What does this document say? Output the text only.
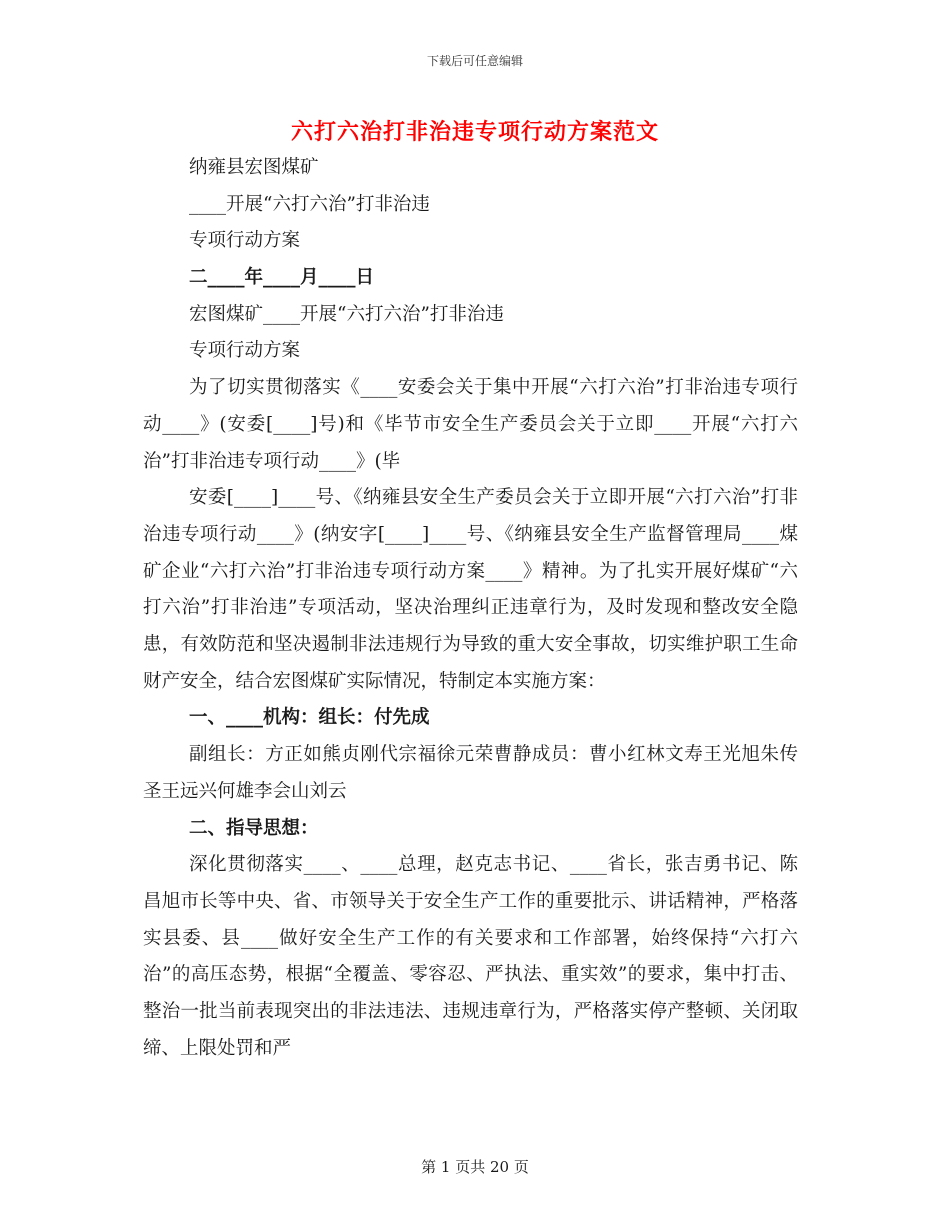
下载后可任意编辑
六打六治打非治违专项行动方案范文
纳雍县宏图煤矿
____开展“六打六治”打非治违
专项行动方案
二____年____月____日
宏图煤矿____开展“六打六治”打非治违
专项行动方案
为了切实贯彻落实《____安委会关于集中开展“六打六治”打非治违专项行动____》(安委[____]号)和《毕节市安全生产委员会关于立即____开展“六打六治”打非治违专项行动____》(毕
安委[____]____号、《纳雍县安全生产委员会关于立即开展“六打六治”打非治违专项行动____》(纳安字[____]____号、《纳雍县安全生产监督管理局____煤矿企业“六打六治”打非治违专项行动方案____》精神。为了扎实开展好煤矿“六打六治”打非治违”专项活动，坚决治理纠正违章行为，及时发现和整改安全隐患，有效防范和坚决遏制非法违规行为导致的重大安全事故，切实维护职工生命财产安全，结合宏图煤矿实际情况，特制定本实施方案：
一、____机构：组长：付先成
副组长：方正如熊贞刚代宗福徐元荣曹静成员：曹小红林文寿王光旭朱传圣王远兴何雄李会山刘云
二、指导思想：
深化贯彻落实____、____总理，赵克志书记、____省长，张吉勇书记、陈昌旭市长等中央、省、市领导关于安全生产工作的重要批示、讲话精神，严格落实县委、县____做好安全生产工作的有关要求和工作部署，始终保持“六打六治”的高压态势，根据“全覆盖、零容忍、严执法、重实效”的要求，集中打击、整治一批当前表现突出的非法违法、违规违章行为，严格落实停产整顿、关闭取缔、上限处罚和严
第 1 页共 20 页
